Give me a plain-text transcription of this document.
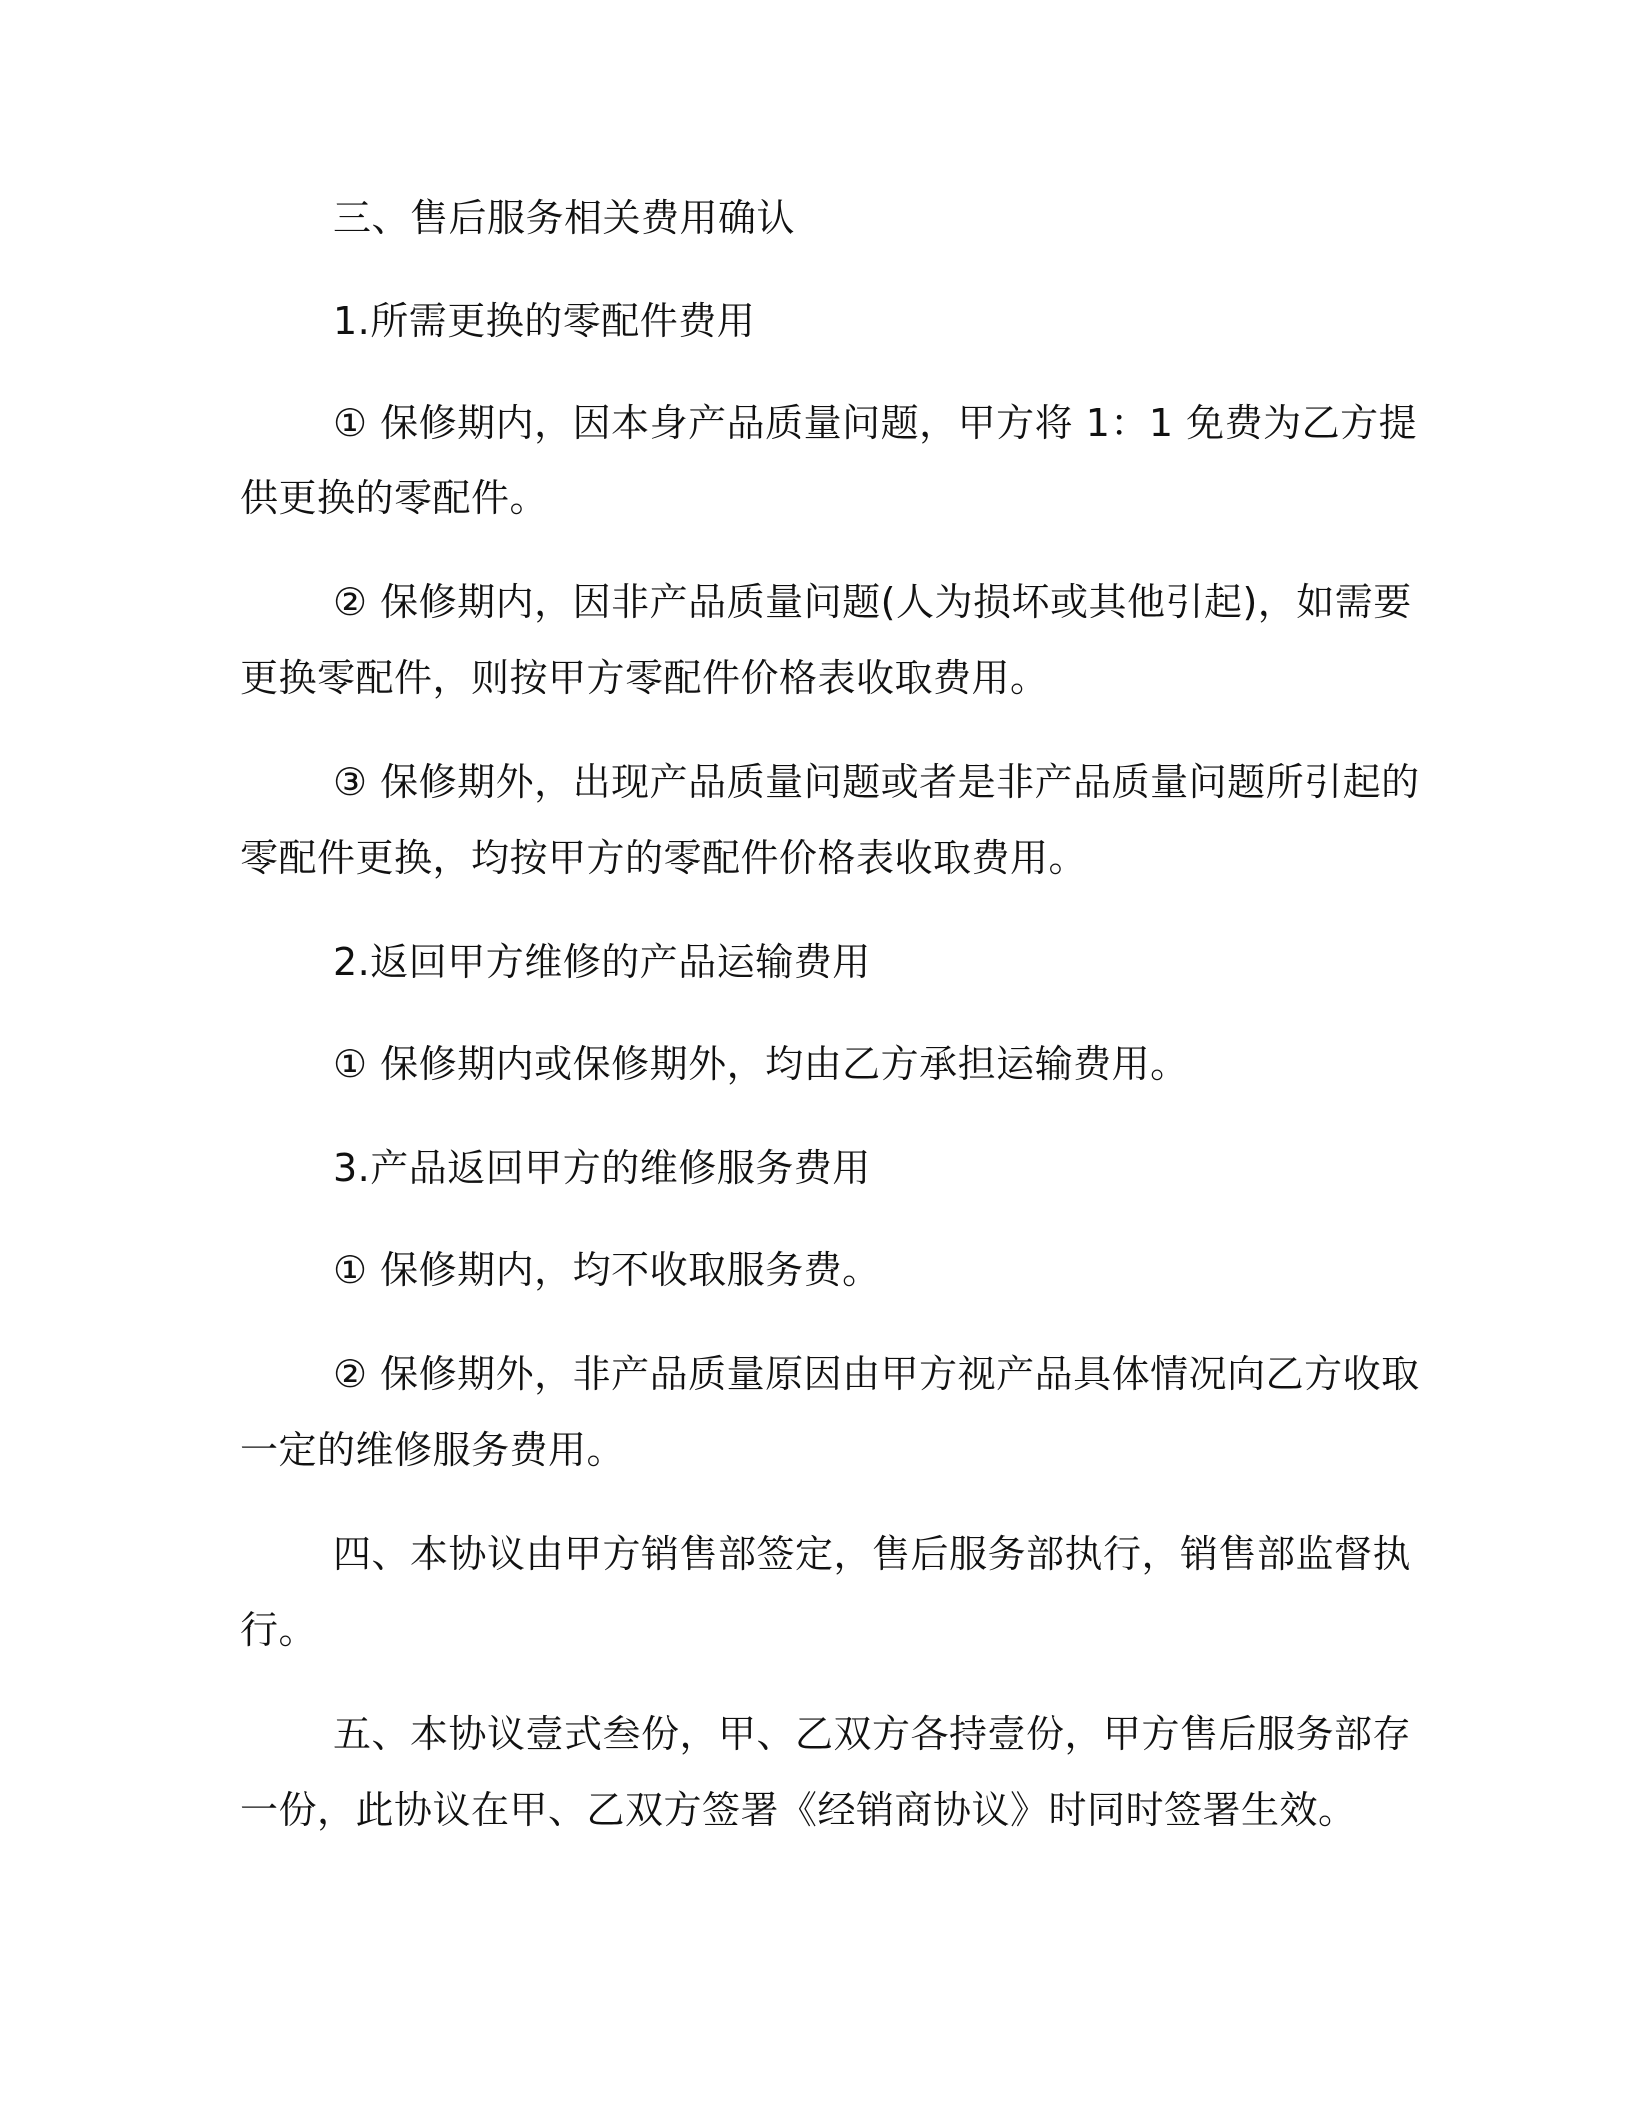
三、售后服务相关费用确认
1.所需更换的零配件费用
① 保修期内，因本身产品质量问题，甲方将 1：1 免费为乙方提
供更换的零配件。
② 保修期内，因非产品质量问题(人为损坏或其他引起)，如需要
更换零配件，则按甲方零配件价格表收取费用。
③ 保修期外，出现产品质量问题或者是非产品质量问题所引起的
零配件更换，均按甲方的零配件价格表收取费用。
2.返回甲方维修的产品运输费用
① 保修期内或保修期外，均由乙方承担运输费用。
3.产品返回甲方的维修服务费用
① 保修期内，均不收取服务费。
② 保修期外，非产品质量原因由甲方视产品具体情况向乙方收取
一定的维修服务费用。
四、本协议由甲方销售部签定，售后服务部执行，销售部监督执
行。
五、本协议壹式叁份，甲、乙双方各持壹份，甲方售后服务部存
一份，此协议在甲、乙双方签署《经销商协议》时同时签署生效。
